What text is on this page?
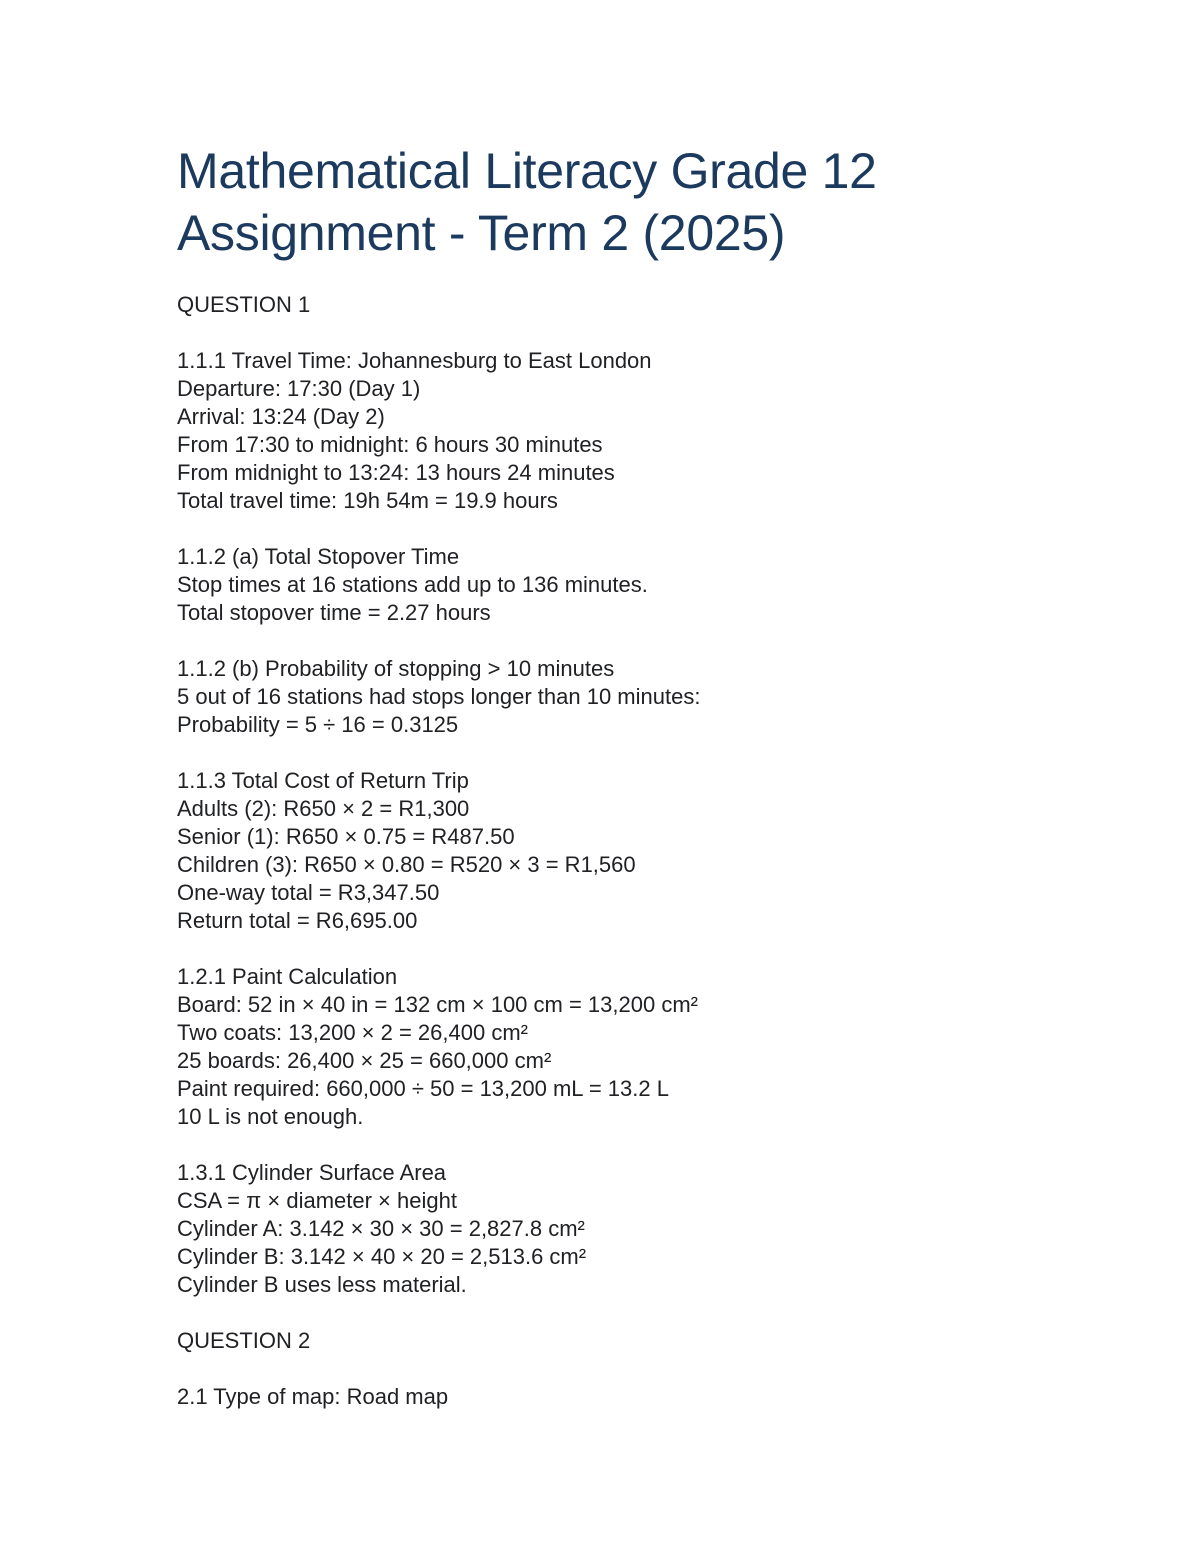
Mathematical Literacy Grade 12
Assignment - Term 2 (2025)
QUESTION 1
1.1.1 Travel Time: Johannesburg to East London
Departure: 17:30 (Day 1)
Arrival: 13:24 (Day 2)
From 17:30 to midnight: 6 hours 30 minutes
From midnight to 13:24: 13 hours 24 minutes
Total travel time: 19h 54m = 19.9 hours
1.1.2 (a) Total Stopover Time
Stop times at 16 stations add up to 136 minutes.
Total stopover time = 2.27 hours
1.1.2 (b) Probability of stopping > 10 minutes
5 out of 16 stations had stops longer than 10 minutes:
Probability = 5 ÷ 16 = 0.3125
1.1.3 Total Cost of Return Trip
Adults (2): R650 × 2 = R1,300
Senior (1): R650 × 0.75 = R487.50
Children (3): R650 × 0.80 = R520 × 3 = R1,560
One-way total = R3,347.50
Return total = R6,695.00
1.2.1 Paint Calculation
Board: 52 in × 40 in = 132 cm × 100 cm = 13,200 cm²
Two coats: 13,200 × 2 = 26,400 cm²
25 boards: 26,400 × 25 = 660,000 cm²
Paint required: 660,000 ÷ 50 = 13,200 mL = 13.2 L
10 L is not enough.
1.3.1 Cylinder Surface Area
CSA = π × diameter × height
Cylinder A: 3.142 × 30 × 30 = 2,827.8 cm²
Cylinder B: 3.142 × 40 × 20 = 2,513.6 cm²
Cylinder B uses less material.
QUESTION 2
2.1 Type of map: Road map
